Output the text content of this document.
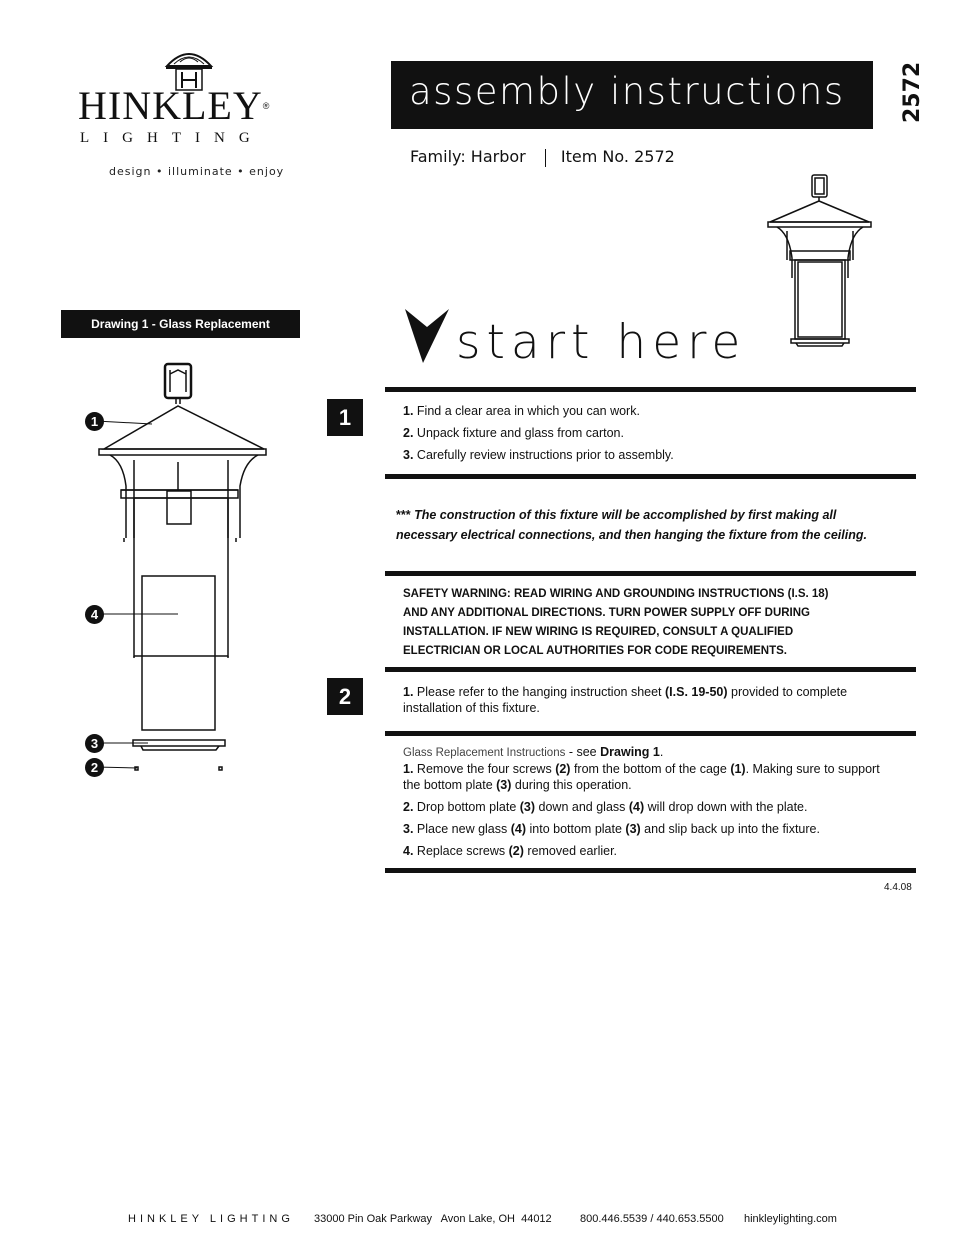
HINKLEY®
LIGHTING
design • illuminate • enjoy
assembly instructions	2572
Family: Harbor Item No. 2572
Drawing 1 - Glass Replacement
1
4
3
2
start here
1	1. Find a clear area in which you can work.
2. Unpack fixture and glass from carton.
3. Carefully review instructions prior to assembly.
*** The construction of this fixture will be accomplished by first making all
necessary electrical connections, and then hanging the fixture from the ceiling.
SAFETY WARNING: READ WIRING AND GROUNDING INSTRUCTIONS (I.S. 18)
AND ANY ADDITIONAL DIRECTIONS. TURN POWER SUPPLY OFF DURING
INSTALLATION. IF NEW WIRING IS REQUIRED, CONSULT A QUALIFIED
ELECTRICIAN OR LOCAL AUTHORITIES FOR CODE REQUIREMENTS.
2	1. Please refer to the hanging instruction sheet (I.S. 19-50) provided to complete
installation of this fixture.
Glass Replacement Instructions - see Drawing 1.
1. Remove the four screws (2) from the bottom of the cage (1). Making sure to support
the bottom plate (3) during this operation.
2. Drop bottom plate (3) down and glass (4) will drop down with the plate.
3. Place new glass (4) into bottom plate (3) and slip back up into the fixture.
4. Replace screws (2) removed earlier.
4.4.08
HINKLEY LIGHTING 33000 Pin Oak Parkway   Avon Lake, OH  44012	800.446.5539 / 440.653.5500 hinkleylighting.com
